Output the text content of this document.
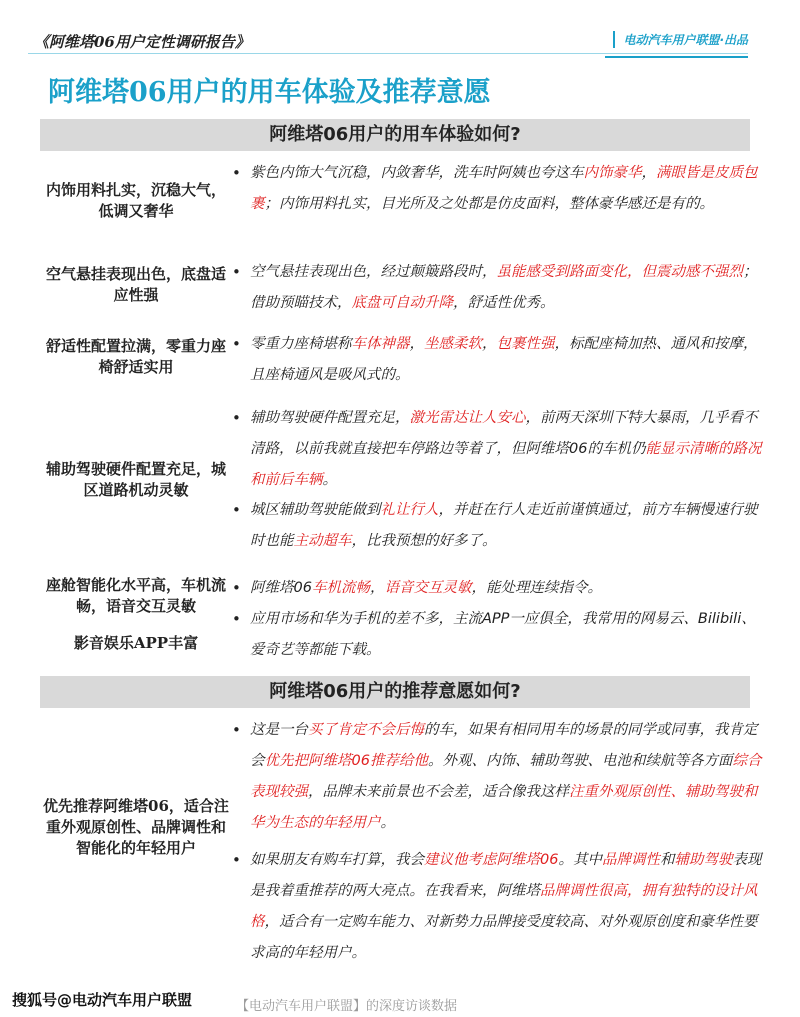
《阿维塔06用户定性调研报告》	电动汽车用户联盟·出品
阿维塔06用户的用车体验及推荐意愿
阿维塔06用户的用车体验如何?
内饰用料扎实，沉稳大气，低调又奢华
• 紫色内饰大气沉稳，内敛奢华，洗车时阿姨也夸这车内饰豪华，满眼皆是皮质包裹；内饰用料扎实，目光所及之处都是仿皮面料，整体豪华感还是有的。
空气悬挂表现出色，底盘适应性强
• 空气悬挂表现出色，经过颠簸路段时，虽能感受到路面变化，但震动感不强烈；借助预瞄技术，底盘可自动升降，舒适性优秀。
舒适性配置拉满，零重力座椅舒适实用
• 零重力座椅堪称车体神器，坐感柔软，包裹性强，标配座椅加热、通风和按摩，且座椅通风是吸风式的。
辅助驾驶硬件配置充足，城区道路机动灵敏
• 辅助驾驶硬件配置充足，激光雷达让人安心，前两天深圳下特大暴雨，几乎看不清路，以前我就直接把车停路边等着了，但阿维塔06的车机仍能显示清晰的路况和前后车辆。
• 城区辅助驾驶能做到礼让行人，并赶在行人走近前谨慎通过，前方车辆慢速行驶时也能主动超车，比我预想的好多了。
座舱智能化水平高，车机流畅，语音交互灵敏
影音娱乐APP丰富
• 阿维塔06车机流畅，语音交互灵敏，能处理连续指令。
• 应用市场和华为手机的差不多，主流APP一应俱全，我常用的网易云、Bilibili、爱奇艺等都能下载。
阿维塔06用户的推荐意愿如何?
优先推荐阿维塔06，适合注重外观原创性、品牌调性和智能化的年轻用户
• 这是一台买了肯定不会后悔的车，如果有相同用车的场景的同学或同事，我肯定会优先把阿维塔06推荐给他。外观、内饰、辅助驾驶、电池和续航等各方面综合表现较强，品牌未来前景也不会差，适合像我这样注重外观原创性、辅助驾驶和华为生态的年轻用户。
• 如果朋友有购车打算，我会建议他考虑阿维塔06。其中品牌调性和辅助驾驶表现是我着重推荐的两大亮点。在我看来，阿维塔品牌调性很高，拥有独特的设计风格，适合有一定购车能力、对新势力品牌接受度较高、对外观原创度和豪华性要求高的年轻用户。
【电动汽车用户联盟】的深度访谈数据
搜狐号@电动汽车用户联盟
